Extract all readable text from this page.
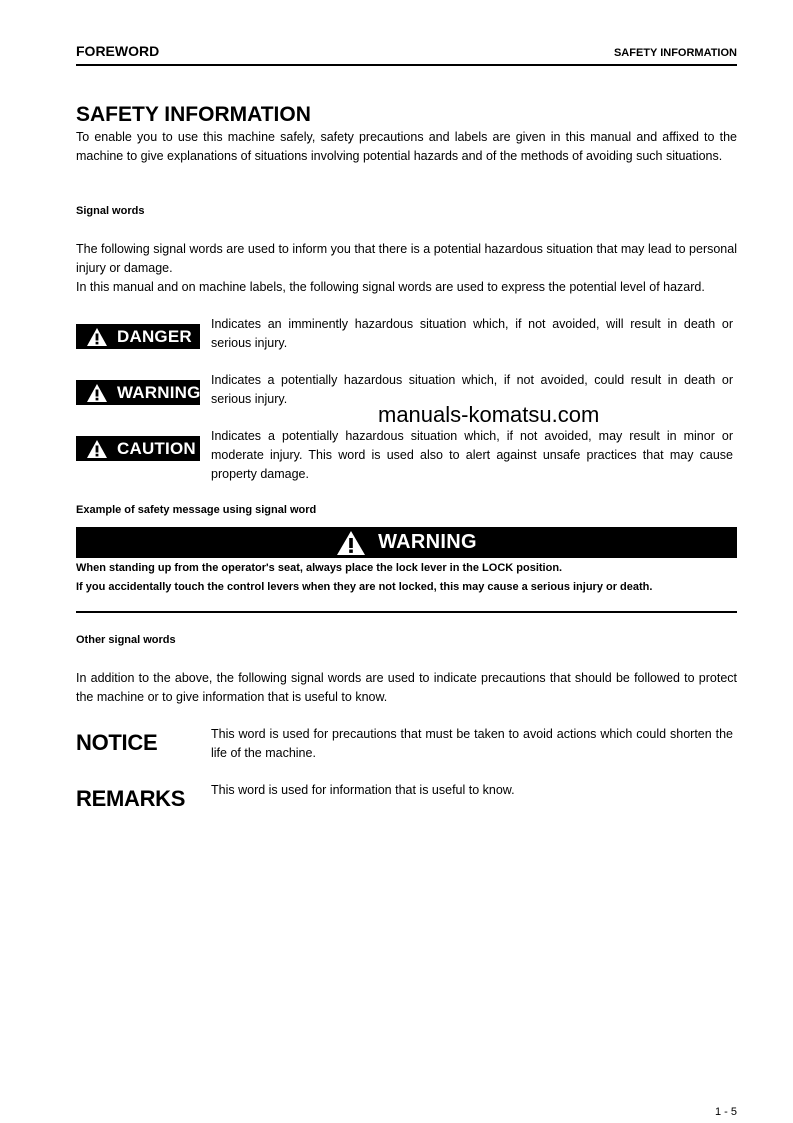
FOREWORD	SAFETY INFORMATION
SAFETY INFORMATION

To enable you to use this machine safely, safety precautions and labels are given in this manual and affixed to the machine to give explanations of situations involving potential hazards and of the methods of avoiding such situations.

Signal words

The following signal words are used to inform you that there is a potential hazardous situation that may lead to personal injury or damage.

In this manual and on machine labels, the following signal words are used to express the potential level of hazard.

DANGER

Indicates an imminently hazardous situation which, if not avoided, will result in death or serious injury.

WARNING

Indicates a potentially hazardous situation which, if not avoided, could result in death or serious injury.

manuals-komatsu.com
CAUTION

Indicates a potentially hazardous situation which, if not avoided, may result in minor or moderate injury. This word is used also to alert against unsafe practices that may cause property damage.

Example of safety message using signal word

WARNING

When standing up from the operator's seat, always place the lock lever in the LOCK position.

If you accidentally touch the control levers when they are not locked, this may cause a serious injury or death.

Other signal words

In addition to the above, the following signal words are used to indicate precautions that should be followed to protect the machine or to give information that is useful to know.

NOTICE	This word is used for precautions that must be taken to avoid actions which could shorten the life of the machine.

REMARKS This word is used for information that is useful to know.

1 - 5
